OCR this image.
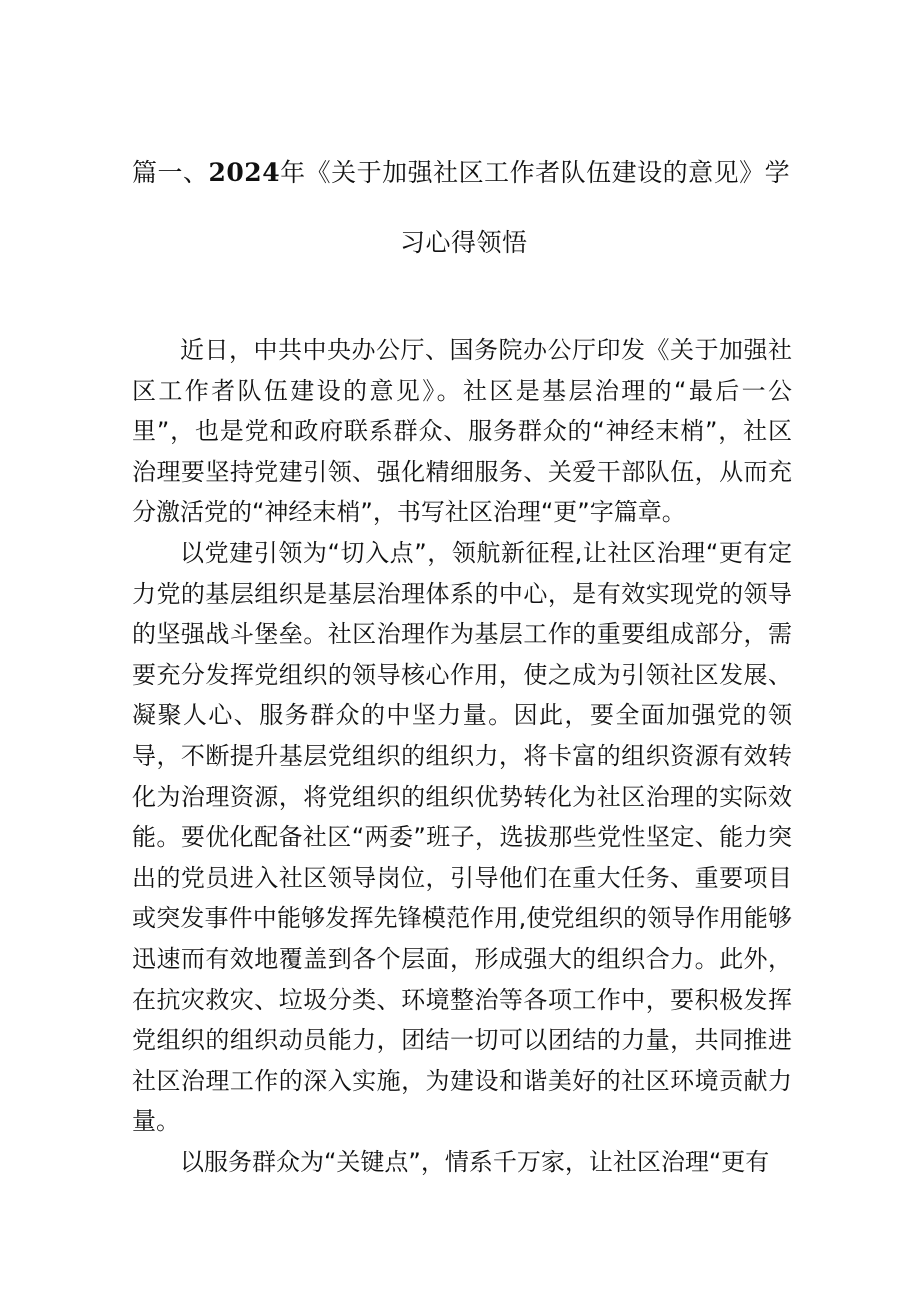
篇一、2024年《关于加强社区工作者队伍建设的意见》学
习心得领悟

近日，中共中央办公厅、国务院办公厅印发《关于加强社区工作者队伍建设的意见》。社区是基层治理的“最后一公里”，也是党和政府联系群众、服务群众的“神经末梢”，社区治理要坚持党建引领、强化精细服务、关爱干部队伍，从而充分激活党的“神经末梢”，书写社区治理“更”字篇章。

以党建引领为“切入点”，领航新征程,让社区治理“更有定力党的基层组织是基层治理体系的中心，是有效实现党的领导的坚强战斗堡垒。社区治理作为基层工作的重要组成部分，需要充分发挥党组织的领导核心作用，使之成为引领社区发展、凝聚人心、服务群众的中坚力量。因此，要全面加强党的领导，不断提升基层党组织的组织力，将卡富的组织资源有效转化为治理资源，将党组织的组织优势转化为社区治理的实际效能。要优化配备社区“两委”班子，选拔那些党性坚定、能力突出的党员进入社区领导岗位，引导他们在重大任务、重要项目或突发事件中能够发挥先锋模范作用,使党组织的领导作用能够迅速而有效地覆盖到各个层面，形成强大的组织合力。此外，在抗灾救灾、垃圾分类、环境整治等各项工作中，要积极发挥党组织的组织动员能力，团结一切可以团结的力量，共同推进社区治理工作的深入实施，为建设和谐美好的社区环境贡献力量。

以服务群众为“关键点”，情系千万家，让社区治理“更有
